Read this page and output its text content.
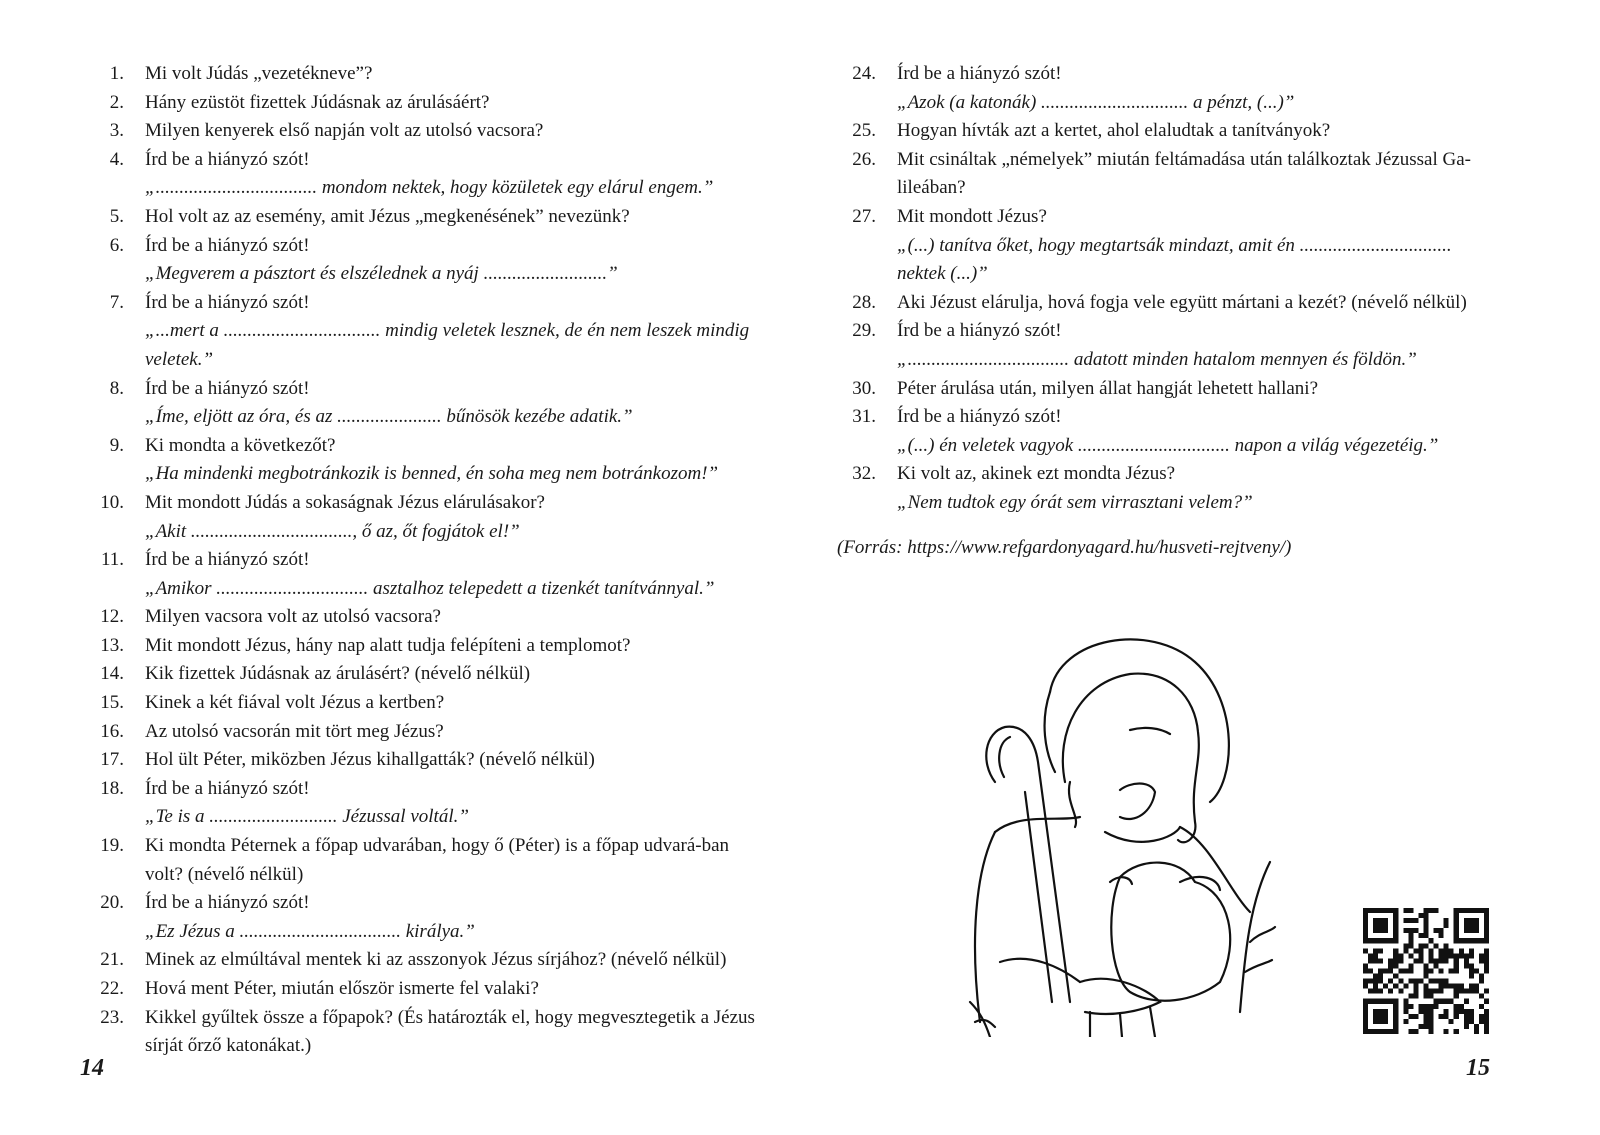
1. Mi volt Júdás „vezetékneve”?
2. Hány ezüstöt fizettek Júdásnak az árulásáért?
3. Milyen kenyerek első napján volt az utolsó vacsora?
4. Írd be a hiányzó szót!
„.................................. mondom nektek, hogy közületek egy elárul engem.”
5. Hol volt az az esemény, amit Jézus „megkenésének” nevezünk?
6. Írd be a hiányzó szót!
„Megverem a pásztort és elszélednek a nyáj ..........................”
7. Írd be a hiányzó szót!
„...mert a ................................. mindig veletek lesznek, de én nem leszek mindig veletek.”
8. Írd be a hiányzó szót!
„Íme, eljött az óra, és az ...................... bűnösök kezébe adatik.”
9. Ki mondta a következőt?
„Ha mindenki megbotránkozik is benned, én soha meg nem botránkozom!”
10. Mit mondott Júdás a sokaságnak Jézus elárulásakor?
„Akit .................................., ő az, őt fogjátok el!”
11. Írd be a hiányzó szót!
„Amikor ................................ asztalhoz telepedett a tizenkét tanítvánnyal.”
12. Milyen vacsora volt az utolsó vacsora?
13. Mit mondott Jézus, hány nap alatt tudja felépíteni a templomot?
14. Kik fizettek Júdásnak az árulásért? (névelő nélkül)
15. Kinek a két fiával volt Jézus a kertben?
16. Az utolsó vacsorán mit tört meg Jézus?
17. Hol ült Péter, miközben Jézus kihallgatták? (névelő nélkül)
18. Írd be a hiányzó szót!
„Te is a ........................... Jézussal voltál.”
19. Ki mondta Péternek a főpap udvarában, hogy ő (Péter) is a főpap udvará-ban volt? (névelő nélkül)
20. Írd be a hiányzó szót!
„Ez Jézus a .................................. királya.”
21. Minek az elmúltával mentek ki az asszonyok Jézus sírjához? (névelő nélkül)
22. Hová ment Péter, miután először ismerte fel valaki?
23. Kikkel gyűltek össze a főpapok? (És határozták el, hogy megvesztegetik a Jézus sírját őrző katonákat.)
14
24. Írd be a hiányzó szót!
„Azok (a katonák) ............................... a pénzt, (...)”
25. Hogyan hívták azt a kertet, ahol elaludtak a tanítványok?
26. Mit csináltak „némelyek” miután feltámadása után találkoztak Jézussal Ga-lileában?
27. Mit mondott Jézus?
„(...) tanítva őket, hogy megtartsák mindazt, amit én ................................ nektek (...)”
28. Aki Jézust elárulja, hová fogja vele együtt mártani a kezét? (névelő nélkül)
29. Írd be a hiányzó szót!
„.................................. adatott minden hatalom mennyen és földön.”
30. Péter árulása után, milyen állat hangját lehetett hallani?
31. Írd be a hiányzó szót!
„(...) én veletek vagyok ................................ napon a világ végezetéig.”
32. Ki volt az, akinek ezt mondta Jézus?
„Nem tudtok egy órát sem virrasztani velem?”
(Forrás: https://www.refgardonyagard.hu/husveti-rejtveny/)
15
